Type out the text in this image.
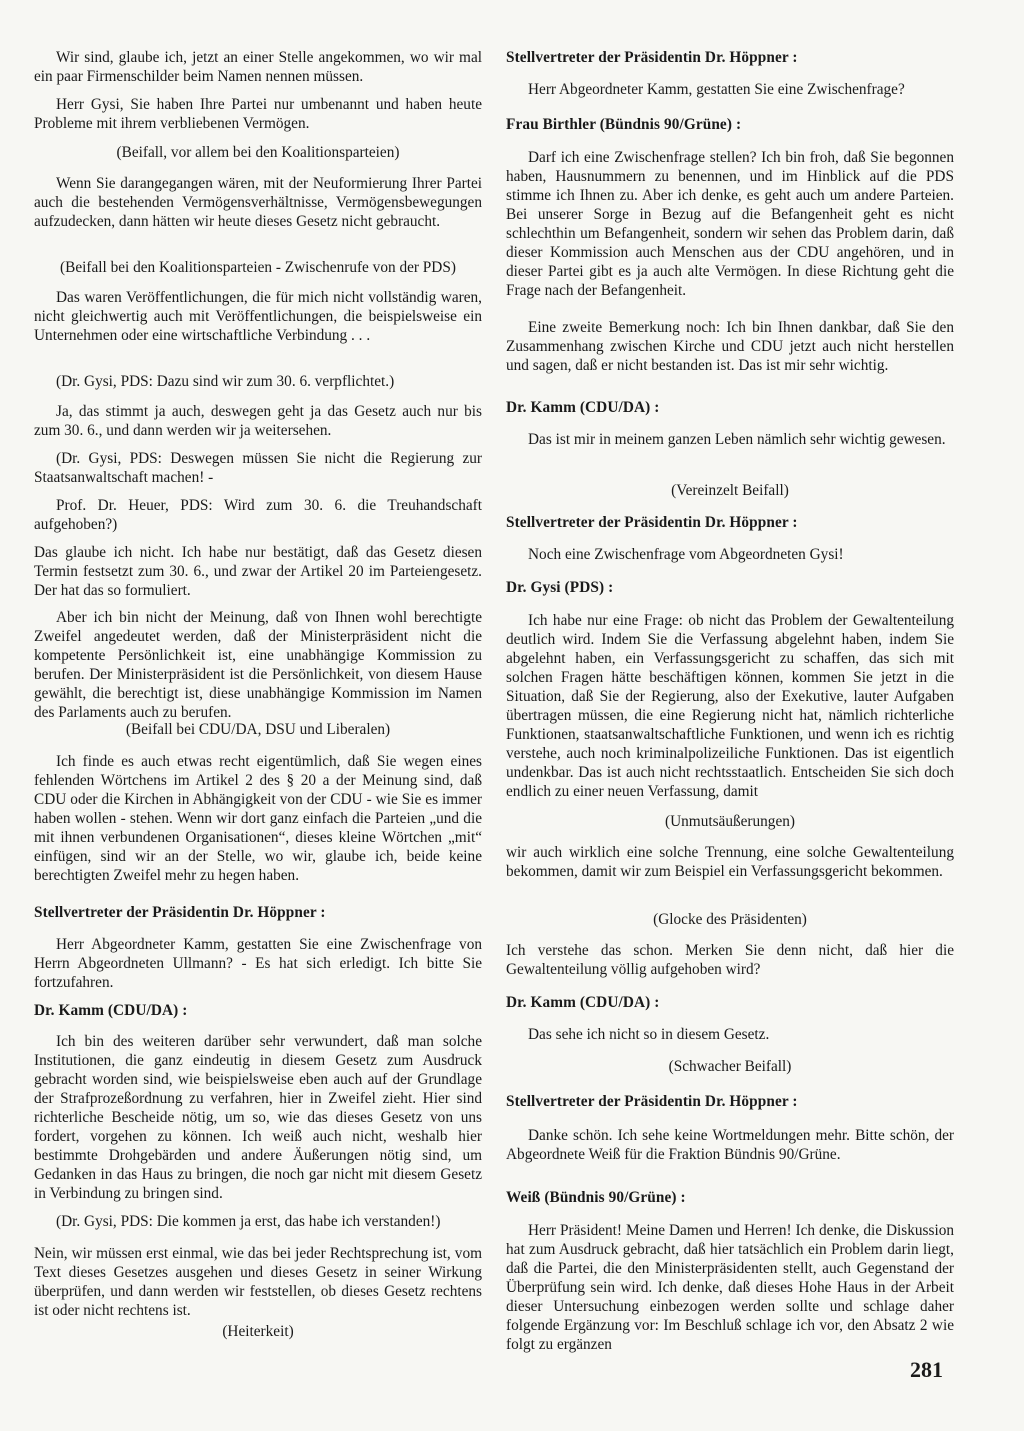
Wir sind, glaube ich, jetzt an einer Stelle angekommen, wo wir mal ein paar Firmenschilder beim Namen nennen müssen.
Herr Gysi, Sie haben Ihre Partei nur umbenannt und haben heute Probleme mit ihrem verbliebenen Vermögen.
(Beifall, vor allem bei den Koalitionsparteien)
Wenn Sie darangegangen wären, mit der Neuformierung Ihrer Partei auch die bestehenden Vermögensverhältnisse, Vermögensbewegungen aufzudecken, dann hätten wir heute dieses Gesetz nicht gebraucht.
(Beifall bei den Koalitionsparteien - Zwischenrufe von der PDS)
Das waren Veröffentlichungen, die für mich nicht vollständig waren, nicht gleichwertig auch mit Veröffentlichungen, die beispielsweise ein Unternehmen oder eine wirtschaftliche Verbindung . . .
(Dr. Gysi, PDS: Dazu sind wir zum 30. 6. verpflichtet.)
Ja, das stimmt ja auch, deswegen geht ja das Gesetz auch nur bis zum 30. 6., und dann werden wir ja weitersehen.
(Dr. Gysi, PDS: Deswegen müssen Sie nicht die Regierung zur Staatsanwaltschaft machen! -
Prof. Dr. Heuer, PDS: Wird zum 30. 6. die Treuhandschaft aufgehoben?)
Das glaube ich nicht. Ich habe nur bestätigt, daß das Gesetz diesen Termin festsetzt zum 30. 6., und zwar der Artikel 20 im Parteiengesetz. Der hat das so formuliert.
Aber ich bin nicht der Meinung, daß von Ihnen wohl berechtigte Zweifel angedeutet werden, daß der Ministerpräsident nicht die kompetente Persönlichkeit ist, eine unabhängige Kommission zu berufen. Der Ministerpräsident ist die Persönlichkeit, von diesem Hause gewählt, die berechtigt ist, diese unabhängige Kommission im Namen des Parlaments auch zu berufen.
(Beifall bei CDU/DA, DSU und Liberalen)
Ich finde es auch etwas recht eigentümlich, daß Sie wegen eines fehlenden Wörtchens im Artikel 2 des § 20 a der Meinung sind, daß CDU oder die Kirchen in Abhängigkeit von der CDU - wie Sie es immer haben wollen - stehen. Wenn wir dort ganz einfach die Parteien „und die mit ihnen verbundenen Organisationen“, dieses kleine Wörtchen „mit“ einfügen, sind wir an der Stelle, wo wir, glaube ich, beide keine berechtigten Zweifel mehr zu hegen haben.
Stellvertreter der Präsidentin Dr. Höppner :
Herr Abgeordneter Kamm, gestatten Sie eine Zwischenfrage von Herrn Abgeordneten Ullmann? - Es hat sich erledigt. Ich bitte Sie fortzufahren.
Dr. Kamm (CDU/DA) :
Ich bin des weiteren darüber sehr verwundert, daß man solche Institutionen, die ganz eindeutig in diesem Gesetz zum Ausdruck gebracht worden sind, wie beispielsweise eben auch auf der Grundlage der Strafprozeßordnung zu verfahren, hier in Zweifel zieht. Hier sind richterliche Bescheide nötig, um so, wie das dieses Gesetz von uns fordert, vorgehen zu können. Ich weiß auch nicht, weshalb hier bestimmte Drohgebärden und andere Äußerungen nötig sind, um Gedanken in das Haus zu bringen, die noch gar nicht mit diesem Gesetz in Verbindung zu bringen sind.
(Dr. Gysi, PDS: Die kommen ja erst, das habe ich verstanden!)
Nein, wir müssen erst einmal, wie das bei jeder Rechtsprechung ist, vom Text dieses Gesetzes ausgehen und dieses Gesetz in seiner Wirkung überprüfen, und dann werden wir feststellen, ob dieses Gesetz rechtens ist oder nicht rechtens ist.
(Heiterkeit)
Stellvertreter der Präsidentin Dr. Höppner :
Herr Abgeordneter Kamm, gestatten Sie eine Zwischenfrage?
Frau Birthler (Bündnis 90/Grüne) :
Darf ich eine Zwischenfrage stellen? Ich bin froh, daß Sie begonnen haben, Hausnummern zu benennen, und im Hinblick auf die PDS stimme ich Ihnen zu. Aber ich denke, es geht auch um andere Parteien. Bei unserer Sorge in Bezug auf die Befangenheit geht es nicht schlechthin um Befangenheit, sondern wir sehen das Problem darin, daß dieser Kommission auch Menschen aus der CDU angehören, und in dieser Partei gibt es ja auch alte Vermögen. In diese Richtung geht die Frage nach der Befangenheit.
Eine zweite Bemerkung noch: Ich bin Ihnen dankbar, daß Sie den Zusammenhang zwischen Kirche und CDU jetzt auch nicht herstellen und sagen, daß er nicht bestanden ist. Das ist mir sehr wichtig.
Dr. Kamm (CDU/DA) :
Das ist mir in meinem ganzen Leben nämlich sehr wichtig gewesen.
(Vereinzelt Beifall)
Stellvertreter der Präsidentin Dr. Höppner :
Noch eine Zwischenfrage vom Abgeordneten Gysi!
Dr. Gysi (PDS) :
Ich habe nur eine Frage: ob nicht das Problem der Gewaltenteilung deutlich wird. Indem Sie die Verfassung abgelehnt haben, indem Sie abgelehnt haben, ein Verfassungsgericht zu schaffen, das sich mit solchen Fragen hätte beschäftigen können, kommen Sie jetzt in die Situation, daß Sie der Regierung, also der Exekutive, lauter Aufgaben übertragen müssen, die eine Regierung nicht hat, nämlich richterliche Funktionen, staatsanwaltschaftliche Funktionen, und wenn ich es richtig verstehe, auch noch kriminalpolizeiliche Funktionen. Das ist eigentlich undenkbar. Das ist auch nicht rechtsstaatlich. Entscheiden Sie sich doch endlich zu einer neuen Verfassung, damit
(Unmutsäußerungen)
wir auch wirklich eine solche Trennung, eine solche Gewaltenteilung bekommen, damit wir zum Beispiel ein Verfassungsgericht bekommen.
(Glocke des Präsidenten)
Ich verstehe das schon. Merken Sie denn nicht, daß hier die Gewaltenteilung völlig aufgehoben wird?
Dr. Kamm (CDU/DA) :
Das sehe ich nicht so in diesem Gesetz.
(Schwacher Beifall)
Stellvertreter der Präsidentin Dr. Höppner :
Danke schön. Ich sehe keine Wortmeldungen mehr. Bitte schön, der Abgeordnete Weiß für die Fraktion Bündnis 90/Grüne.
Weiß (Bündnis 90/Grüne) :
Herr Präsident! Meine Damen und Herren! Ich denke, die Diskussion hat zum Ausdruck gebracht, daß hier tatsächlich ein Problem darin liegt, daß die Partei, die den Ministerpräsidenten stellt, auch Gegenstand der Überprüfung sein wird. Ich denke, daß dieses Hohe Haus in der Arbeit dieser Untersuchung einbezogen werden sollte und schlage daher folgende Ergänzung vor: Im Beschluß schlage ich vor, den Absatz 2 wie folgt zu ergänzen
281
